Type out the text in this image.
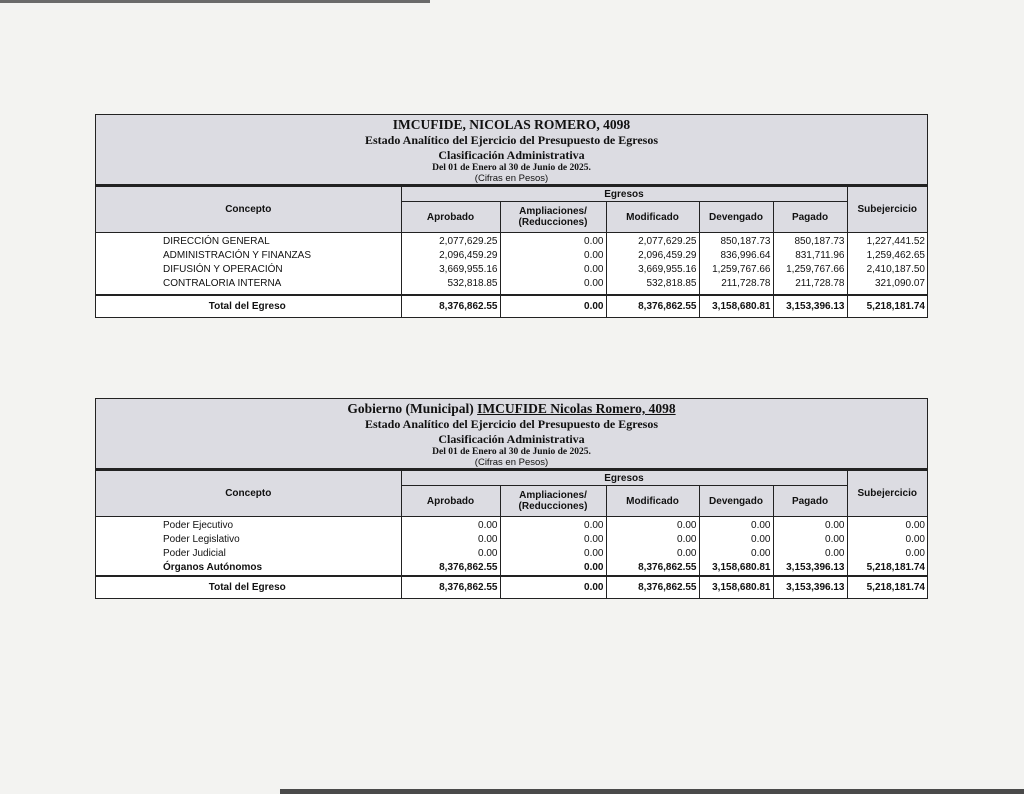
IMCUFIDE, NICOLAS ROMERO, 4098
Estado Analítico del Ejercicio del Presupuesto de Egresos
Clasificación Administrativa
Del 01 de Enero al 30 de Junio de 2025.
(Cifras en Pesos)
Concepto	Egresos					Subejercicio
	Aprobado	Ampliaciones/
(Reducciones)	Modificado	Devengado	Pagado	
DIRECCIÓN GENERAL	2,077,629.25	0.00	2,077,629.25	850,187.73	850,187.73	1,227,441.52
ADMINISTRACIÓN Y FINANZAS	2,096,459.29	0.00	2,096,459.29	836,996.64	831,711.96	1,259,462.65
DIFUSIÓN Y OPERACIÓN	3,669,955.16	0.00	3,669,955.16	1,259,767.66	1,259,767.66	2,410,187.50
CONTRALORIA INTERNA	532,818.85	0.00	532,818.85	211,728.78	211,728.78	321,090.07

Total del Egreso	8,376,862.55	0.00	8,376,862.55	3,158,680.81	3,153,396.13	5,218,181.74
Gobierno (Municipal) IMCUFIDE Nicolas Romero, 4098
Estado Analítico del Ejercicio del Presupuesto de Egresos
Clasificación Administrativa
Del 01 de Enero al 30 de Junio de 2025.
(Cifras en Pesos)
Concepto	Egresos					Subejercicio
	Aprobado	Ampliaciones/
(Reducciones)	Modificado	Devengado	Pagado	
Poder Ejecutivo	0.00	0.00	0.00	0.00	0.00	0.00
Poder Legislativo	0.00	0.00	0.00	0.00	0.00	0.00
Poder Judicial	0.00	0.00	0.00	0.00	0.00	0.00
Órganos Autónomos	8,376,862.55	0.00	8,376,862.55	3,158,680.81	3,153,396.13	5,218,181.74
Total del Egreso	8,376,862.55	0.00	8,376,862.55	3,158,680.81	3,153,396.13	5,218,181.74
